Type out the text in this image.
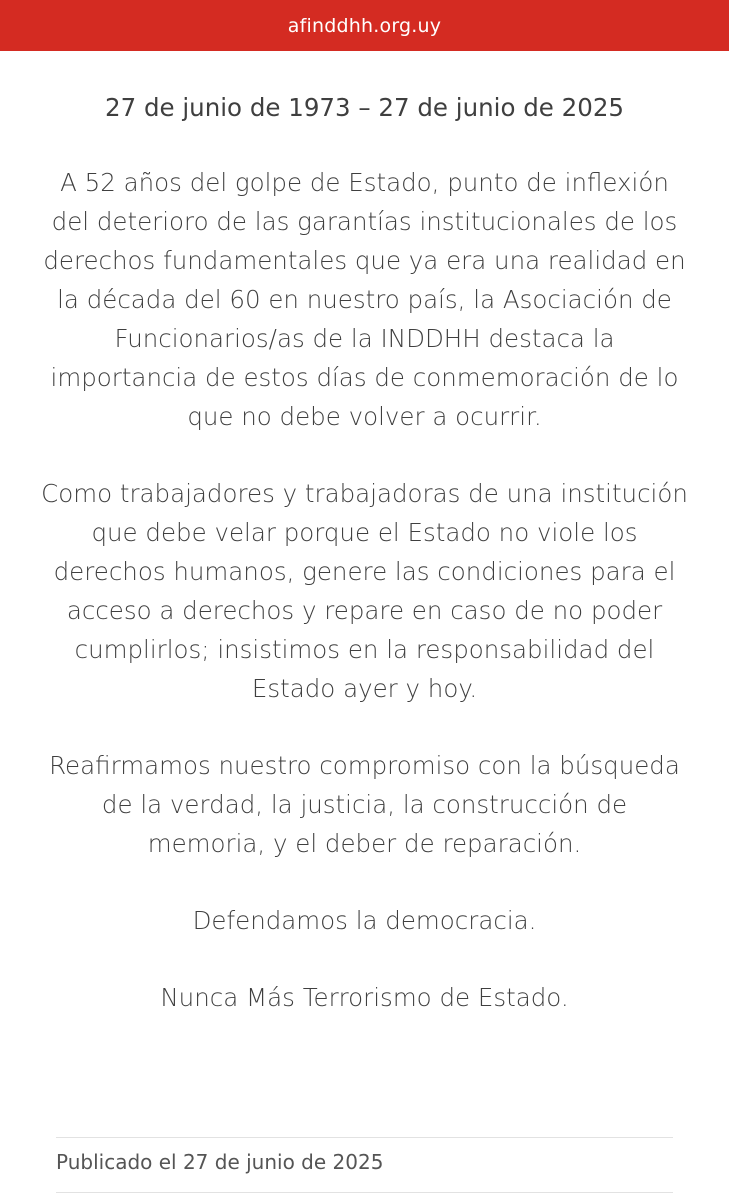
afinddhh.org.uy
27 de junio de 1973 – 27 de junio de 2025

A 52 años del golpe de Estado, punto de inflexión del deterioro de las garantías institucionales de los derechos fundamentales que ya era una realidad en la década del 60 en nuestro país, la Asociación de Funcionarios/as de la INDDHH destaca la importancia de estos días de conmemoración de lo que no debe volver a ocurrir.

Como trabajadores y trabajadoras de una institución que debe velar porque el Estado no viole los derechos humanos, genere las condiciones para el acceso a derechos y repare en caso de no poder cumplirlos; insistimos en la responsabilidad del Estado ayer y hoy.

Reafirmamos nuestro compromiso con la búsqueda de la verdad, la justicia, la construcción de memoria, y el deber de reparación.

Defendamos la democracia.

Nunca Más Terrorismo de Estado.

Publicado el 27 de junio de 2025
